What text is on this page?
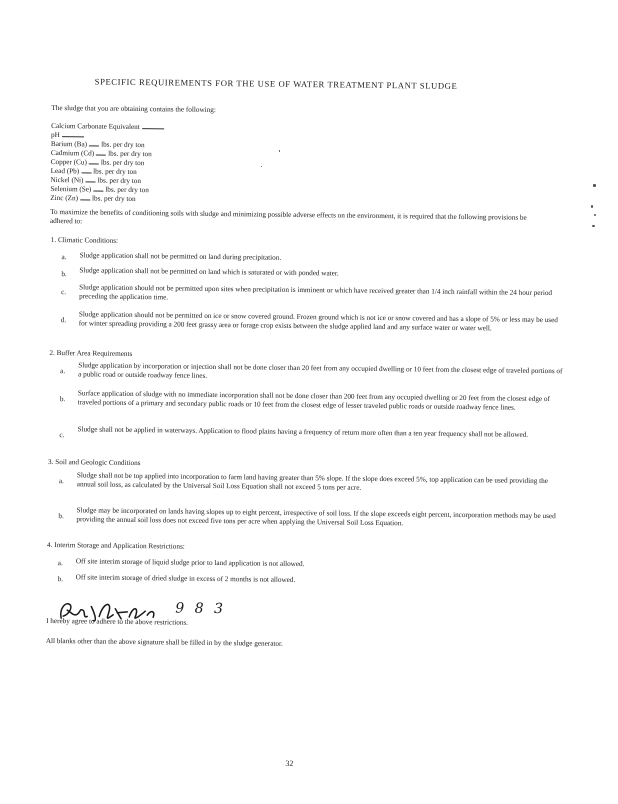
SPECIFIC REQUIREMENTS FOR THE USE OF WATER TREATMENT PLANT SLUDGE
The sludge that you are obtaining contains the following:
Calcium Carbonate Equivalent
pH
Barium (Ba) lbs. per dry ton
Cadmium (Cd) lbs. per dry ton
Copper (Cu) lbs. per dry ton
Lead (Pb) lbs. per dry ton
Nickel (Ni) lbs. per dry ton
Selenium (Se) lbs. per dry ton
Zinc (Zn) lbs. per dry ton
To maximize the benefits of conditioning soils with sludge and minimizing possible adverse effects on the environment, it is required that the following provisions be adhered to:
1. Climatic Conditions:
a. Sludge application shall not be permitted on land during precipitation.
b. Sludge application shall not be permitted on land which is saturated or with ponded water.
c. Sludge application should not be permitted upon sites when precipitation is imminent or which have received greater than 1/4 inch rainfall within the 24 hour period preceding the application time.
d. Sludge application should not be permitted on ice or snow covered ground. Frozen ground which is not ice or snow covered and has a slope of 5% or less may be used for winter spreading providing a 200 feet grassy area or forage crop exists between the sludge applied land and any surface water or water well.
2. Buffer Area Requirements
a. Sludge application by incorporation or injection shall not be done closer than 20 feet from any occupied dwelling or 10 feet from the closest edge of traveled portions of a public road or outside roadway fence lines.
b. Surface application of sludge with no immediate incorporation shall not be done closer than 200 feet from any occupied dwelling or 20 feet from the closest edge of traveled portions of a primary and secondary public roads or 10 feet from the closest edge of lesser traveled public roads or outside roadway fence lines.
c. Sludge shall not be applied in waterways. Application to flood plains having a frequency of return more often than a ten year frequency shall not be allowed.
3. Soil and Geologic Conditions
a. Sludge shall not be top applied into incorporation to farm land having greater than 5% slope. If the slope does exceed 5%, top application can be used providing the annual soil loss, as calculated by the Universal Soil Loss Equation shall not exceed 5 tons per acre.
b. Sludge may be incorporated on lands having slopes up to eight percent, irrespective of soil loss. If the slope exceeds eight percent, incorporation methods may be used providing the annual soil loss does not exceed five tons per acre when applying the Universal Soil Loss Equation.
4. Interim Storage and Application Restrictions:
a. Off site interim storage of liquid sludge prior to land application is not allowed.
b. Off site interim storage of dried sludge in excess of 2 months is not allowed.
9 8 3
I hereby agree to adhere to the above restrictions.
All blanks other than the above signature shall be filled in by the sludge generator.
32
